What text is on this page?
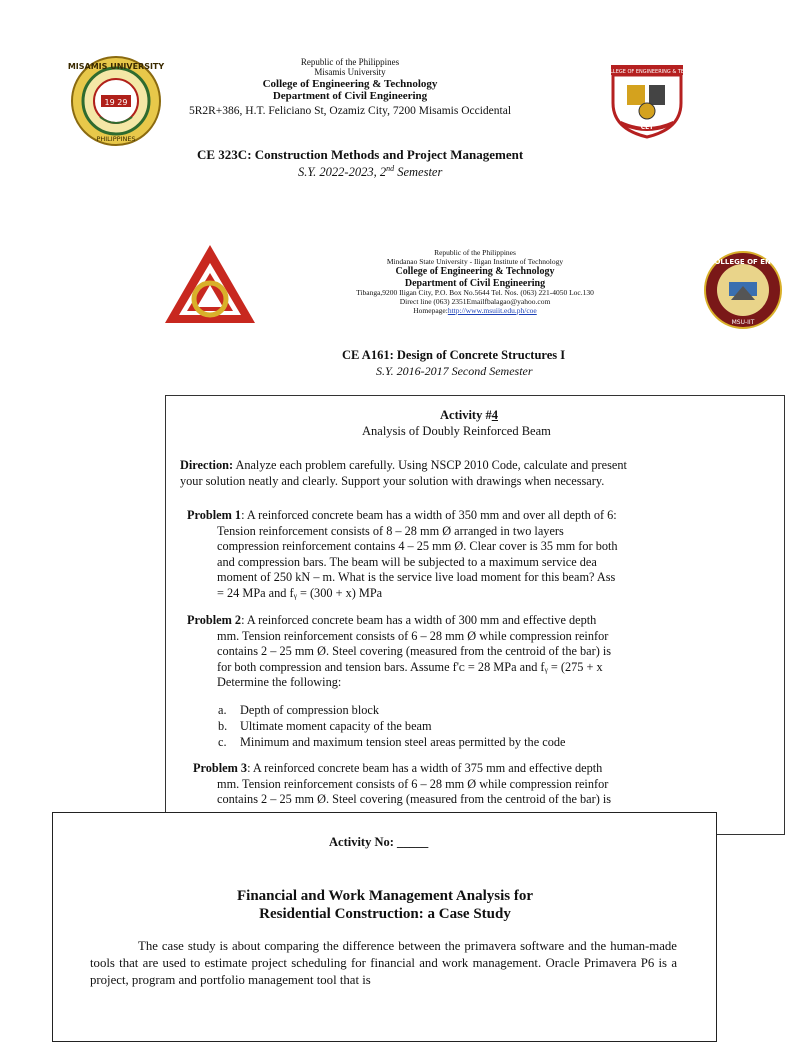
19 29
MISAMIS UNIVERSITY
PHILIPPINES
COLLEGE OF ENGINEERING & TECH
CET
Republic of the Philippines
Misamis University
College of Engineering & Technology
Department of Civil Engineering
5R2R+386, H.T. Feliciano St, Ozamiz City, 7200 Misamis Occidental
CE 323C: Construction Methods and Project Management
S.Y. 2022-2023, 2nd Semester
COLLEGE OF ENG
MSU-IIT
Republic of the Philippines
Mindanao State University - Iligan Institute of Technology
College of Engineering & Technology
Department of Civil Engineering
Tibanga,9200 Iligan City, P.O. Box No.5644 Tel. Nos. (063) 221-4050 Loc.130
Direct line (063) 2351Emailfbalagao@yahoo.com
Homepage:http://www.msuiit.edu.ph/coe
CE A161: Design of Concrete Structures I
S.Y. 2016-2017 Second Semester
Activity #4
Analysis of Doubly Reinforced Beam
Direction: Analyze each problem carefully. Using NSCP 2010 Code, calculate and present
your solution neatly and clearly. Support your solution with drawings when necessary.
Problem 1: A reinforced concrete beam has a width of 350 mm and over all depth of 6:
Tension reinforcement consists of 8 – 28 mm Ø arranged in two layers
compression reinforcement contains 4 – 25 mm Ø. Clear cover is 35 mm for both
and compression bars. The beam will be subjected to a maximum service dea
moment of 250 kN – m. What is the service live load moment for this beam? Ass
= 24 MPa and fᵧ = (300 + x) MPa
Problem 2: A reinforced concrete beam has a width of 300 mm and effective depth
mm. Tension reinforcement consists of 6 – 28 mm Ø while compression reinfor
contains 2 – 25 mm Ø. Steel covering (measured from the centroid of the bar) is
for both compression and tension bars. Assume f'ᴄ = 28 MPa and fᵧ = (275 + x
Determine the following:
a. Depth of compression block
b. Ultimate moment capacity of the beam
c. Minimum and maximum tension steel areas permitted by the code
Problem 3: A reinforced concrete beam has a width of 375 mm and effective depth
mm. Tension reinforcement consists of 6 – 28 mm Ø while compression reinfor
contains 2 – 25 mm Ø. Steel covering (measured from the centroid of the bar) is
Activity No: _____
Financial and Work Management Analysis for
Residential Construction: a Case Study
The case study is about comparing the difference between the primavera software and the human-made tools that are used to estimate project scheduling for financial and work management. Oracle Primavera P6 is a project, program and portfolio management tool that is
